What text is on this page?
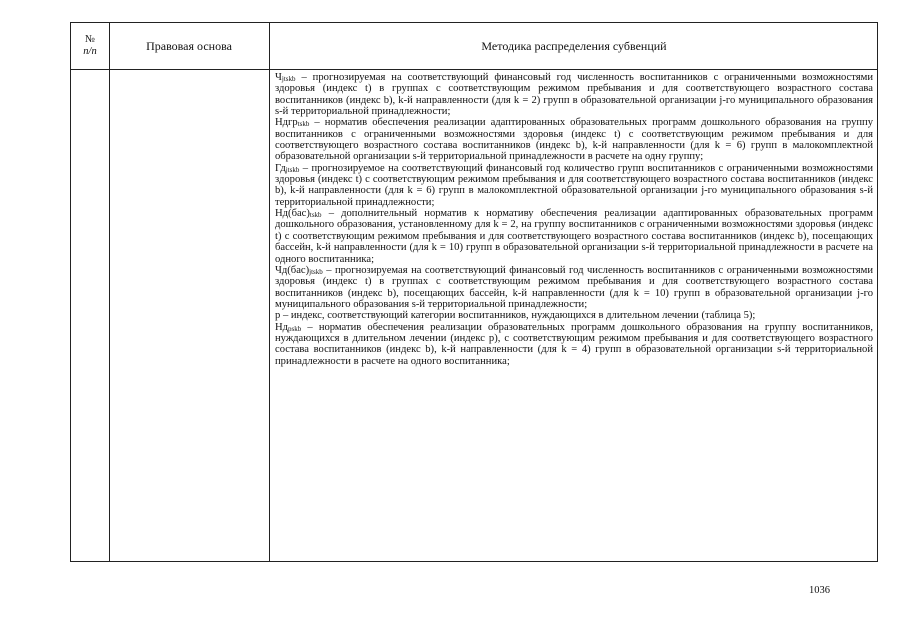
№
п/п	Правовая основа	Методика распределения субвенций

$Ч_{jtskb}$ – прогнозируемая на соответствующий финансовый год численность воспитанников с ограниченными возможностями здоровья (индекс t) в группах с соответствующим режимом пребывания и для соответствующего возрастного состава воспитанников (индекс b), k-й направленности (для k = 2) групп в образовательной организации j-го муниципального образования s-й территориальной принадлежности;

Ндгр$_{tskb}$ – норматив обеспечения реализации адаптированных образовательных программ дошкольного образования на группу воспитанников с ограниченными возможностями здоровья (индекс t) с соответствующим режимом пребывания и для соответствующего возрастного состава воспитанников (индекс b), k-й направленности (для k = 6) групп в малокомплектной образовательной организации s-й территориальной принадлежности в расчете на одну группу;

$Гд_{jtskb}$ – прогнозируемое на соответствующий финансовый год количество групп воспитанников с ограниченными возможностями здоровья (индекс t) с соответствующим режимом пребывания и для соответствующего возрастного состава воспитанников (индекс b), k-й направленности (для k = 6) групп в малокомплектной образовательной организации j-го муниципального образования s-й территориальной принадлежности;

$Нд(бас)_{tskb}$ – дополнительный норматив к нормативу обеспечения реализации адаптированных образовательных программ дошкольного образования, установленному для k = 2, на группу воспитанников с ограниченными возможностями здоровья (индекс t) с соответствующим режимом пребывания и для соответствующего возрастного состава воспитанников (индекс b), посещающих бассейн, k-й направленности (для k = 10) групп в образовательной организации s-й территориальной принадлежности в расчете на одного воспитанника;

$Чд(бас)_{jtskb}$ – прогнозируемая на соответствующий финансовый год численность воспитанников с ограниченными возможностями здоровья (индекс t) в группах с соответствующим режимом пребывания и для соответствующего возрастного состава воспитанников (индекс b), посещающих бассейн, k-й направленности (для k = 10) групп в образовательной организации j-го муниципального образования s-й территориальной принадлежности;

p – индекс, соответствующий категории воспитанников, нуждающихся в длительном лечении (таблица 5);

$Нд_{pskb}$ – норматив обеспечения реализации образовательных программ дошкольного образования на группу воспитанников, нуждающихся в длительном лечении (индекс p), с соответствующим режимом пребывания и для соответствующего возрастного состава воспитанников (индекс b), k-й направленности (для k = 4) групп в образовательной организации s-й территориальной принадлежности в расчете на одного воспитанника;

1036
